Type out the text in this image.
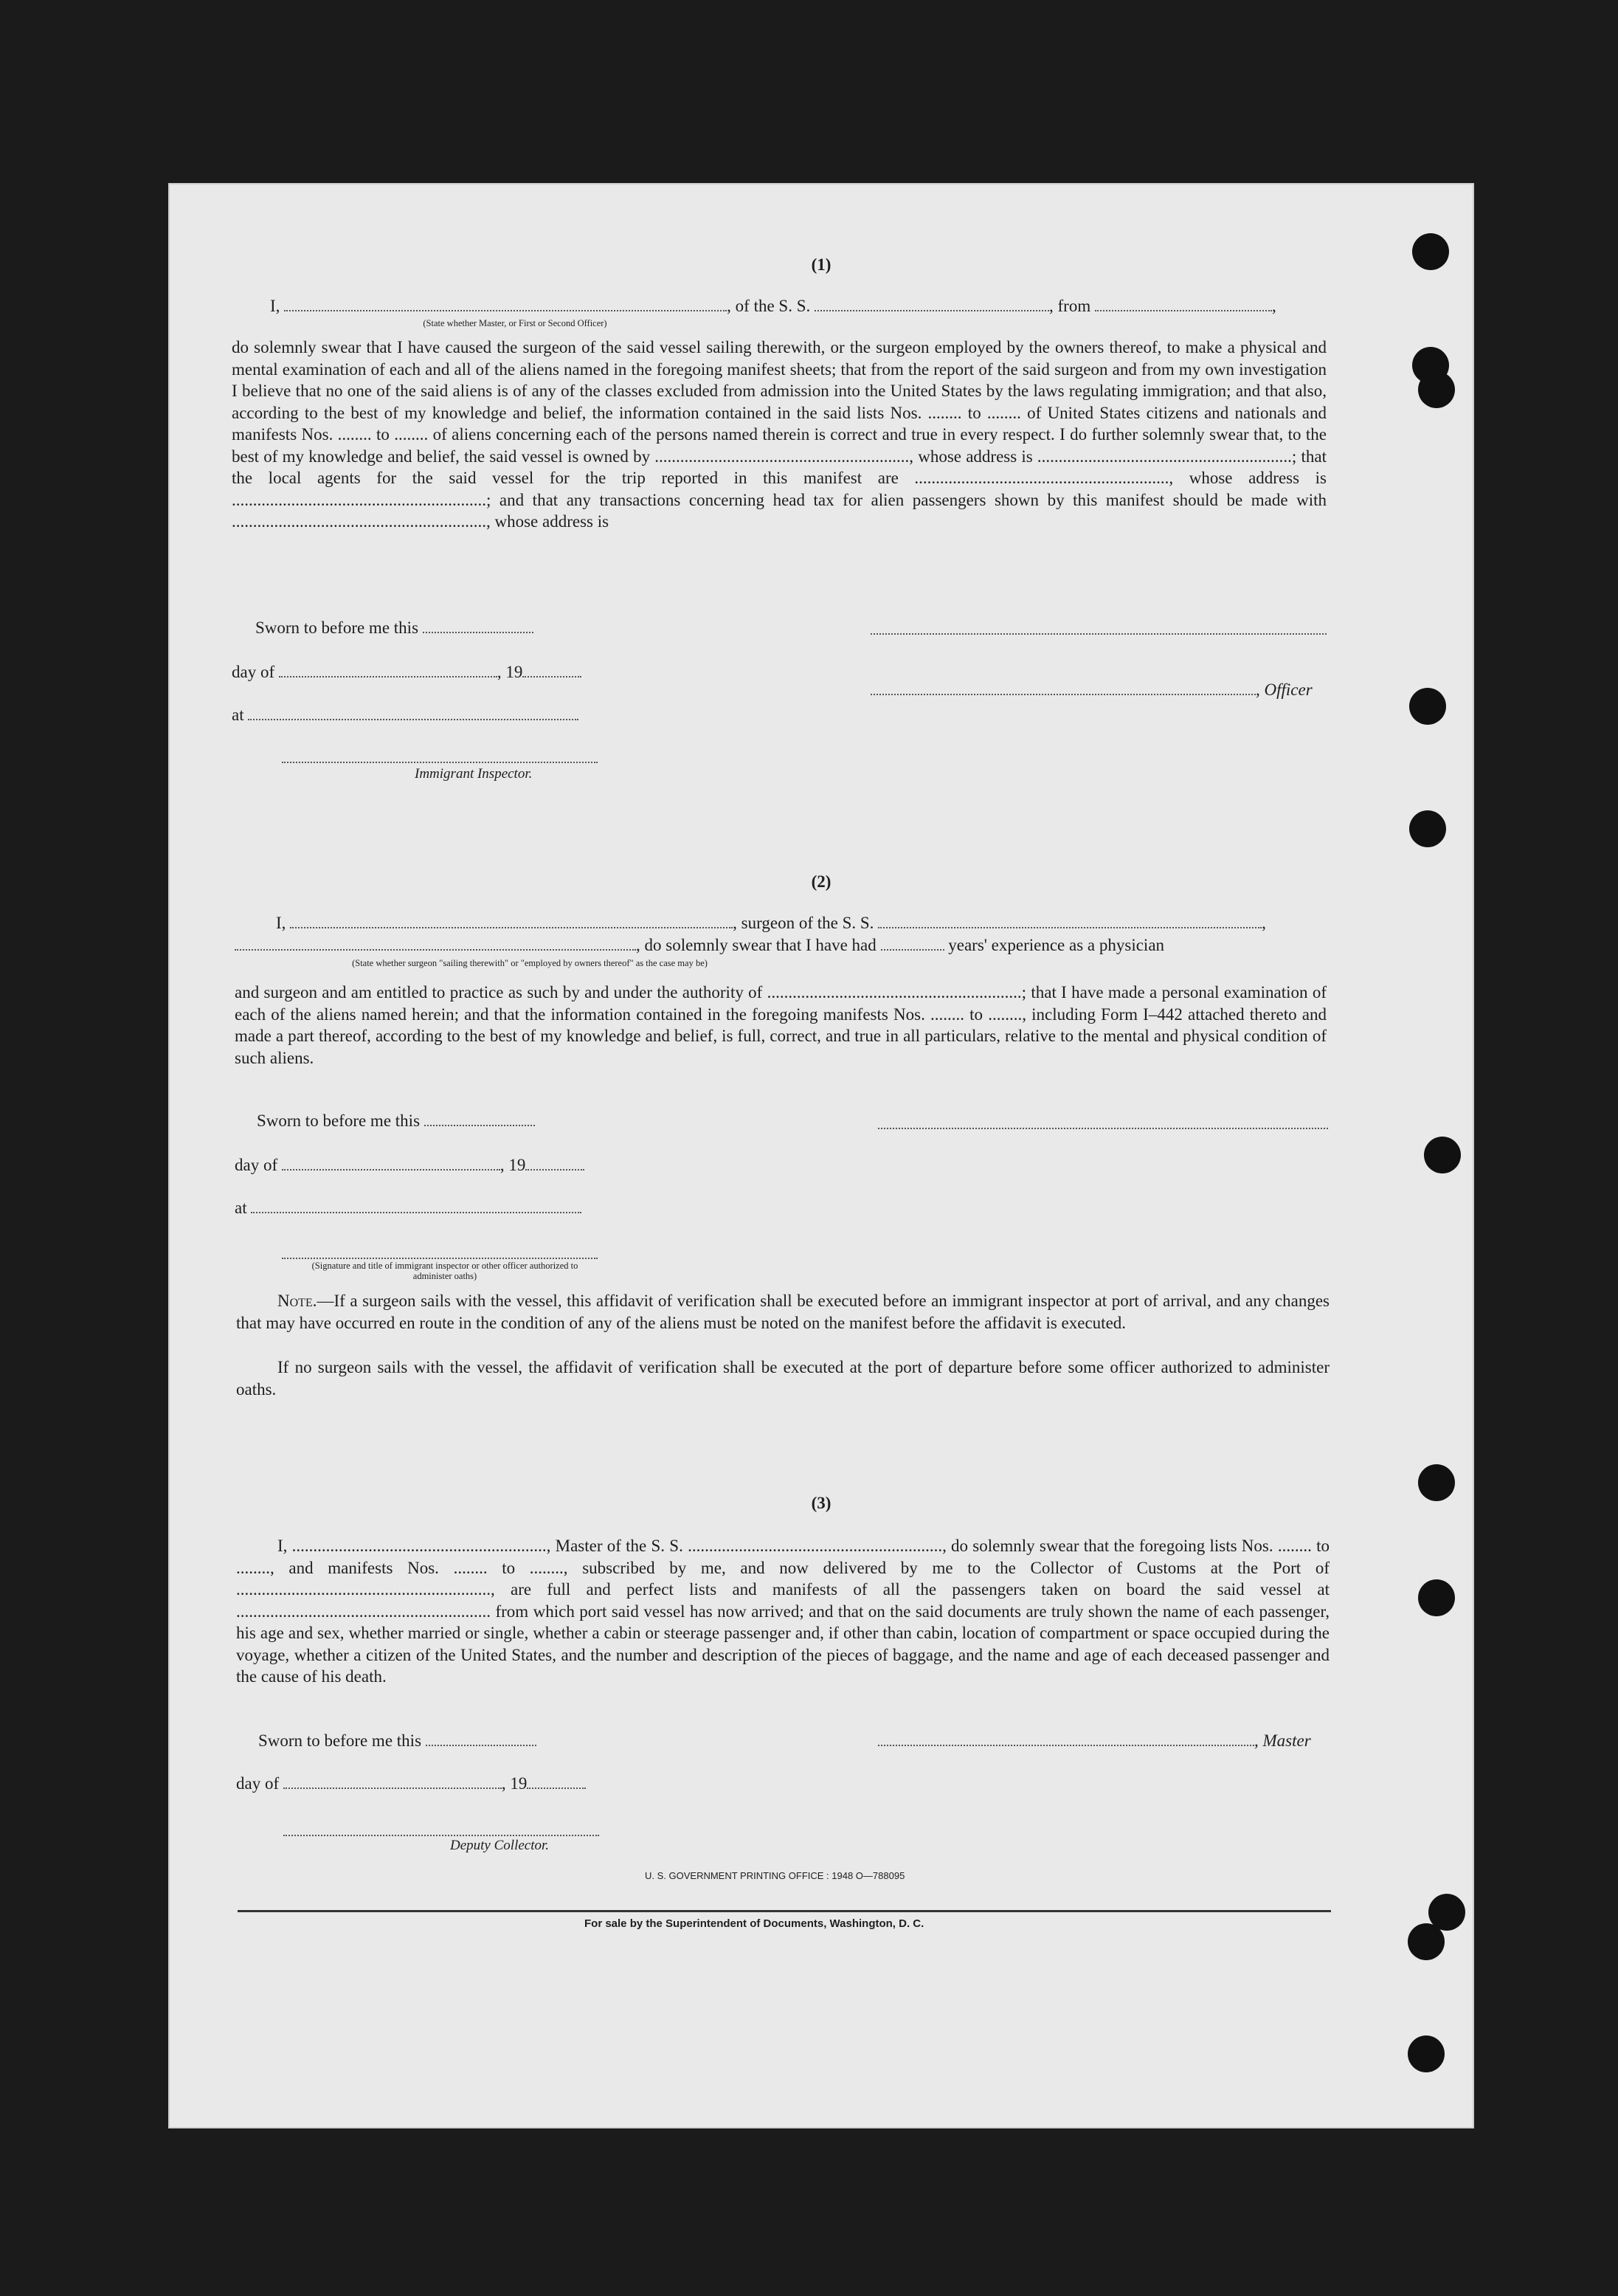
(1)
I,	, of the S. S.	, from	,
(State whether Master, or First or Second Officer)

do solemnly swear that I have caused the surgeon of the said vessel sailing therewith, or the surgeon employed by the owners thereof, to make a physical and mental examination of each and all of the aliens named in the foregoing manifest sheets; that from the report of the said surgeon and from my own investigation I believe that no one of the said aliens is of any of the classes excluded from admission into the United States by the laws regulating immigration; and that also, according to the best of my knowledge and belief, the information contained in the said lists Nos. ........ to ........ of United States citizens and nationals and manifests Nos. ........ to ........ of aliens concerning each of the persons named therein is correct and true in every respect. I do further solemnly swear that, to the best of my knowledge and belief, the said vessel is owned by ............................................................, whose address is ............................................................; that the local agents for the said vessel for the trip reported in this manifest are ............................................................, whose address is ............................................................; and that any transactions concerning head tax for alien passengers shown by this manifest should be made with ............................................................, whose address is

Sworn to before me this
day of	, 19
, Officer
at
Immigrant Inspector.
(2)
I,	, surgeon of the S. S.	,
, do solemnly swear that I have had	years' experience as a physician
(State whether surgeon "sailing therewith" or "employed by owners thereof" as the case may be)

and surgeon and am entitled to practice as such by and under the authority of ............................................................; that I have made a personal examination of each of the aliens named herein; and that the information contained in the foregoing manifests Nos. ........ to ........, including Form I–442 attached thereto and made a part thereof, according to the best of my knowledge and belief, is full, correct, and true in all particulars, relative to the mental and physical condition of such aliens.

Sworn to before me this
day of	, 19
at
(Signature and title of immigrant inspector or other officer authorized to administer oaths)

Note.—If a surgeon sails with the vessel, this affidavit of verification shall be executed before an immigrant inspector at port of arrival, and any changes that may have occurred en route in the condition of any of the aliens must be noted on the manifest before the affidavit is executed.

If no surgeon sails with the vessel, the affidavit of verification shall be executed at the port of departure before some officer authorized to administer oaths.

(3)

I, ............................................................, Master of the S. S. ............................................................, do solemnly swear that the foregoing lists Nos. ........ to ........, and manifests Nos. ........ to ........, subscribed by me, and now delivered by me to the Collector of Customs at the Port of ............................................................, are full and perfect lists and manifests of all the passengers taken on board the said vessel at ............................................................ from which port said vessel has now arrived; and that on the said documents are truly shown the name of each passenger, his age and sex, whether married or single, whether a cabin or steerage passenger and, if other than cabin, location of compartment or space occupied during the voyage, whether a citizen of the United States, and the number and description of the pieces of baggage, and the name and age of each deceased passenger and the cause of his death.

Sworn to before me this	, Master
day of	, 19
Deputy Collector.
U. S. GOVERNMENT PRINTING OFFICE : 1948 O—788095
For sale by the Superintendent of Documents, Washington, D. C.
